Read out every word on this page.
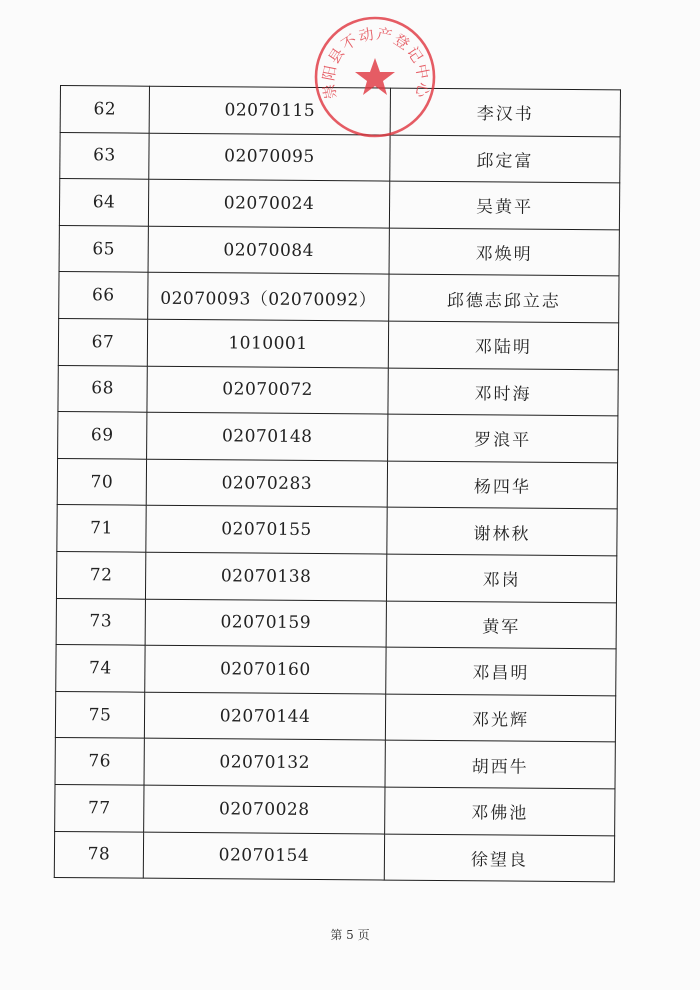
62	02070115	李汉书
63	02070095	邱定富
64	02070024	吴黄平
65	02070084	邓焕明
66	02070093（02070092）	邱德志邱立志
67	1010001	邓陆明
68	02070072	邓时海
69	02070148	罗浪平
70	02070283	杨四华
71	02070155	谢林秋
72	02070138	邓岗
73	02070159	黄军
74	02070160	邓昌明
75	02070144	邓光辉
76	02070132	胡西牛
77	02070028	邓佛池
78	02070154	徐望良
崇阳县不动产登记中心
第 5 页
